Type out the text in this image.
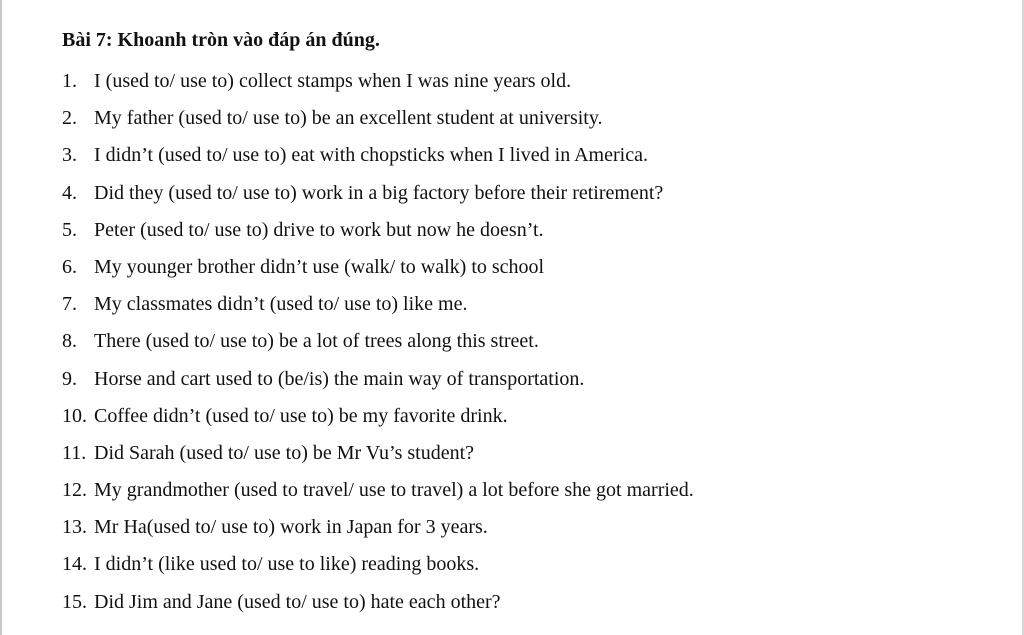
Bài 7: Khoanh tròn vào đáp án đúng.
1. I (used to/ use to) collect stamps when I was nine years old.
2. My father (used to/ use to) be an excellent student at university.
3. I didn’t (used to/ use to) eat with chopsticks when I lived in America.
4. Did they (used to/ use to) work in a big factory before their retirement?
5. Peter (used to/ use to) drive to work but now he doesn’t.
6. My younger brother didn’t use (walk/ to walk) to school
7. My classmates didn’t (used to/ use to) like me.
8. There (used to/ use to) be a lot of trees along this street.
9. Horse and cart used to (be/is) the main way of transportation.
10. Coffee didn’t (used to/ use to) be my favorite drink.
11. Did Sarah (used to/ use to) be Mr Vu’s student?
12. My grandmother (used to travel/ use to travel) a lot before she got married.
13. Mr Ha(used to/ use to) work in Japan for 3 years.
14. I didn’t (like used to/ use to like) reading books.
15. Did Jim and Jane (used to/ use to) hate each other?
